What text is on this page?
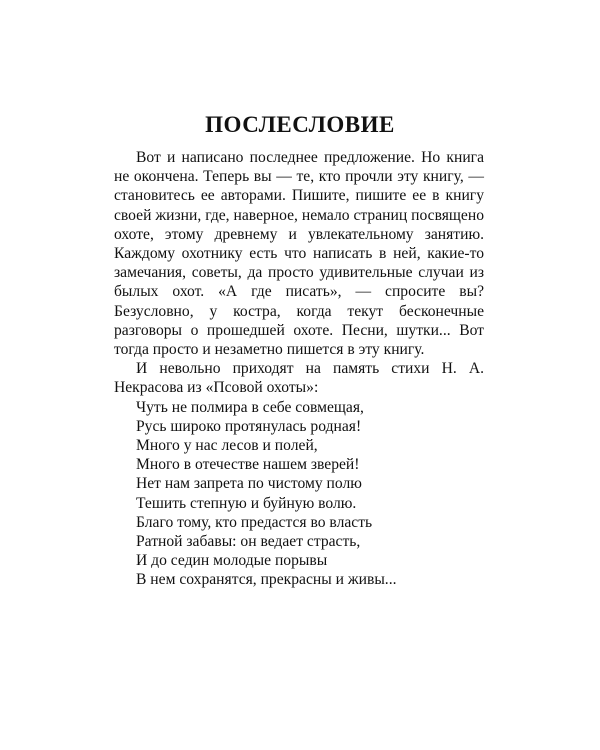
ПОСЛЕСЛОВИЕ

Вот и написано последнее предложение. Но книга не окончена. Теперь вы — те, кто прочли эту книгу, — становитесь ее авторами. Пишите, пишите ее в книгу своей жизни, где, наверное, немало страниц посвящено охоте, этому древнему и увлекательному занятию. Каждому охотнику есть что написать в ней, какие-то замечания, советы, да просто удивительные случаи из былых охот. «А где писать», — спросите вы? Безусловно, у костра, когда текут бесконечные разговоры о прошедшей охоте. Песни, шутки... Вот тогда просто и незаметно пишется в эту книгу.

И невольно приходят на память стихи Н. А. Некрасова из «Псовой охоты»:

Чуть не полмира в себе совмещая,
Русь широко протянулась родная!
Много у нас лесов и полей,
Много в отечестве нашем зверей!
Нет нам запрета по чистому полю
Тешить степную и буйную волю.
Благо тому, кто предастся во власть
Ратной забавы: он ведает страсть,
И до седин молодые порывы
В нем сохранятся, прекрасны и живы...
